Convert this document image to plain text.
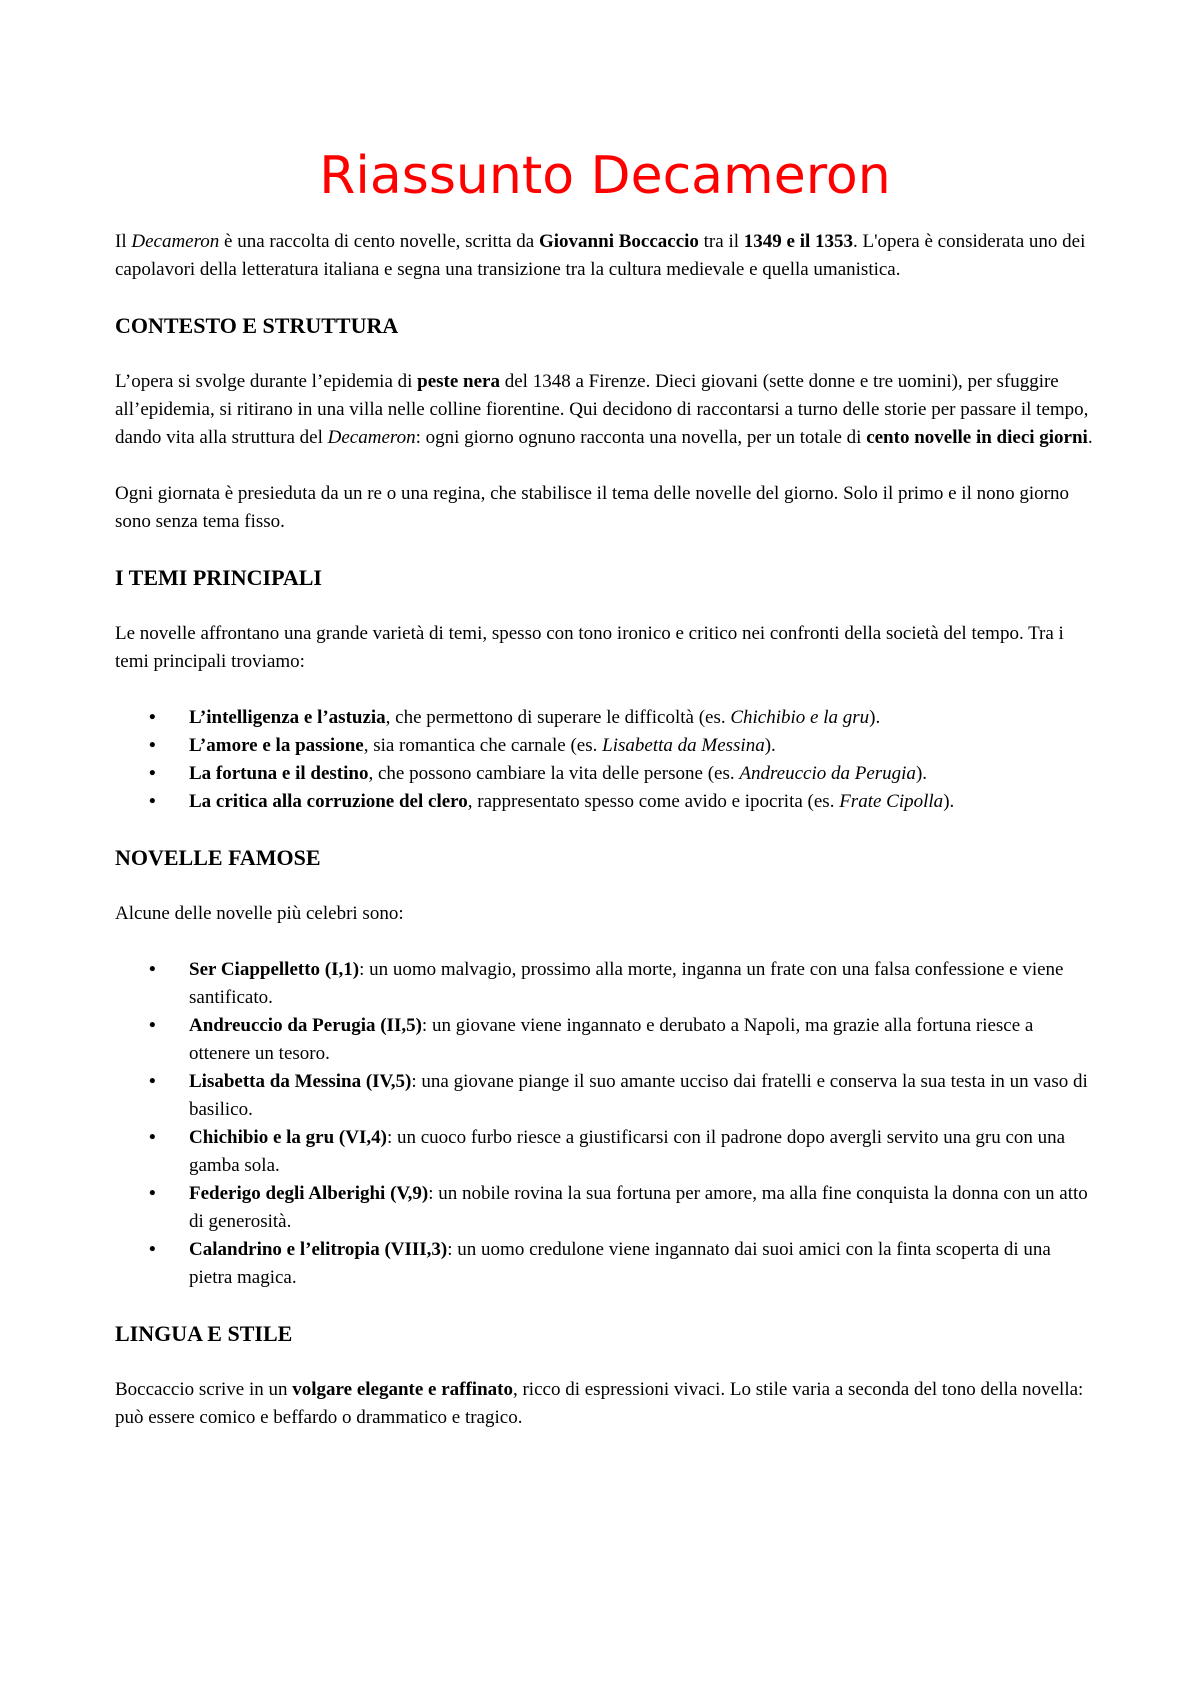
Riassunto Decameron

Il Decameron è una raccolta di cento novelle, scritta da Giovanni Boccaccio tra il 1349 e il 1353. L'opera è considerata uno dei capolavori della letteratura italiana e segna una transizione tra la cultura medievale e quella umanistica.

CONTESTO E STRUTTURA

L’opera si svolge durante l’epidemia di peste nera del 1348 a Firenze. Dieci giovani (sette donne e tre uomini), per sfuggire all’epidemia, si ritirano in una villa nelle colline fiorentine. Qui decidono di raccontarsi a turno delle storie per passare il tempo, dando vita alla struttura del Decameron: ogni giorno ognuno racconta una novella, per un totale di cento novelle in dieci giorni.

Ogni giornata è presieduta da un re o una regina, che stabilisce il tema delle novelle del giorno. Solo il primo e il nono giorno sono senza tema fisso.

I TEMI PRINCIPALI

Le novelle affrontano una grande varietà di temi, spesso con tono ironico e critico nei confronti della società del tempo. Tra i temi principali troviamo:

•	L’intelligenza e l’astuzia, che permettono di superare le difficoltà (es. Chichibio e la gru).
•	L’amore e la passione, sia romantica che carnale (es. Lisabetta da Messina).
•	La fortuna e il destino, che possono cambiare la vita delle persone (es. Andreuccio da Perugia).
•	La critica alla corruzione del clero, rappresentato spesso come avido e ipocrita (es. Frate Cipolla).
NOVELLE FAMOSE

Alcune delle novelle più celebri sono:

•	Ser Ciappelletto (I,1): un uomo malvagio, prossimo alla morte, inganna un frate con una falsa confessione e viene santificato.
•	Andreuccio da Perugia (II,5): un giovane viene ingannato e derubato a Napoli, ma grazie alla fortuna riesce a ottenere un tesoro.
•	Lisabetta da Messina (IV,5): una giovane piange il suo amante ucciso dai fratelli e conserva la sua testa in un vaso di basilico.
•	Chichibio e la gru (VI,4): un cuoco furbo riesce a giustificarsi con il padrone dopo avergli servito una gru con una gamba sola.
•	Federigo degli Alberighi (V,9): un nobile rovina la sua fortuna per amore, ma alla fine conquista la donna con un atto di generosità.
•	Calandrino e l’elitropia (VIII,3): un uomo credulone viene ingannato dai suoi amici con la finta scoperta di una pietra magica.
LINGUA E STILE

Boccaccio scrive in un volgare elegante e raffinato, ricco di espressioni vivaci. Lo stile varia a seconda del tono della novella: può essere comico e beffardo o drammatico e tragico.
